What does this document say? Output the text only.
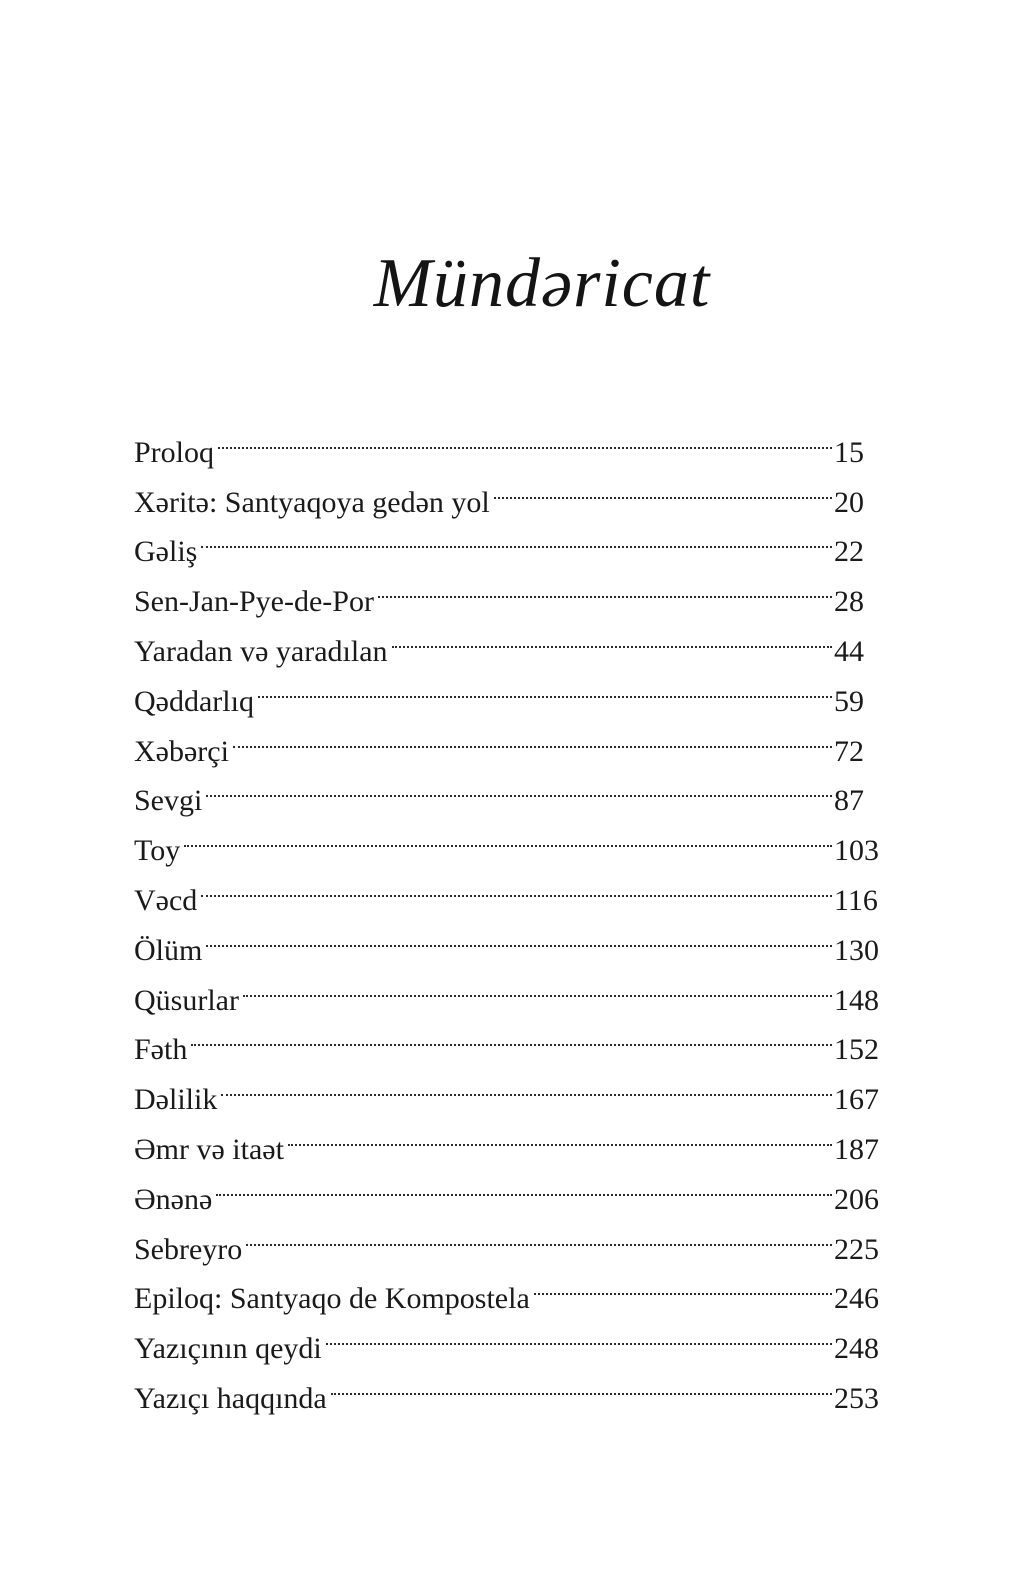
Mündəricat
Proloq	15
Xəritə: Santyaqoya gedən yol	20
Gəliş	22
Sen-Jan-Pye-de-Por	28
Yaradan və yaradılan	44
Qəddarlıq	59
Xəbərçi	72
Sevgi	87
Toy	103
Vəcd	116
Ölüm	130
Qüsurlar	148
Fəth	152
Dəlilik	167
Əmr və itaət	187
Ənənə	206
Sebreyro	225
Epiloq: Santyaqo de Kompostela	246
Yazıçının qeydi	248
Yazıçı haqqında	253
